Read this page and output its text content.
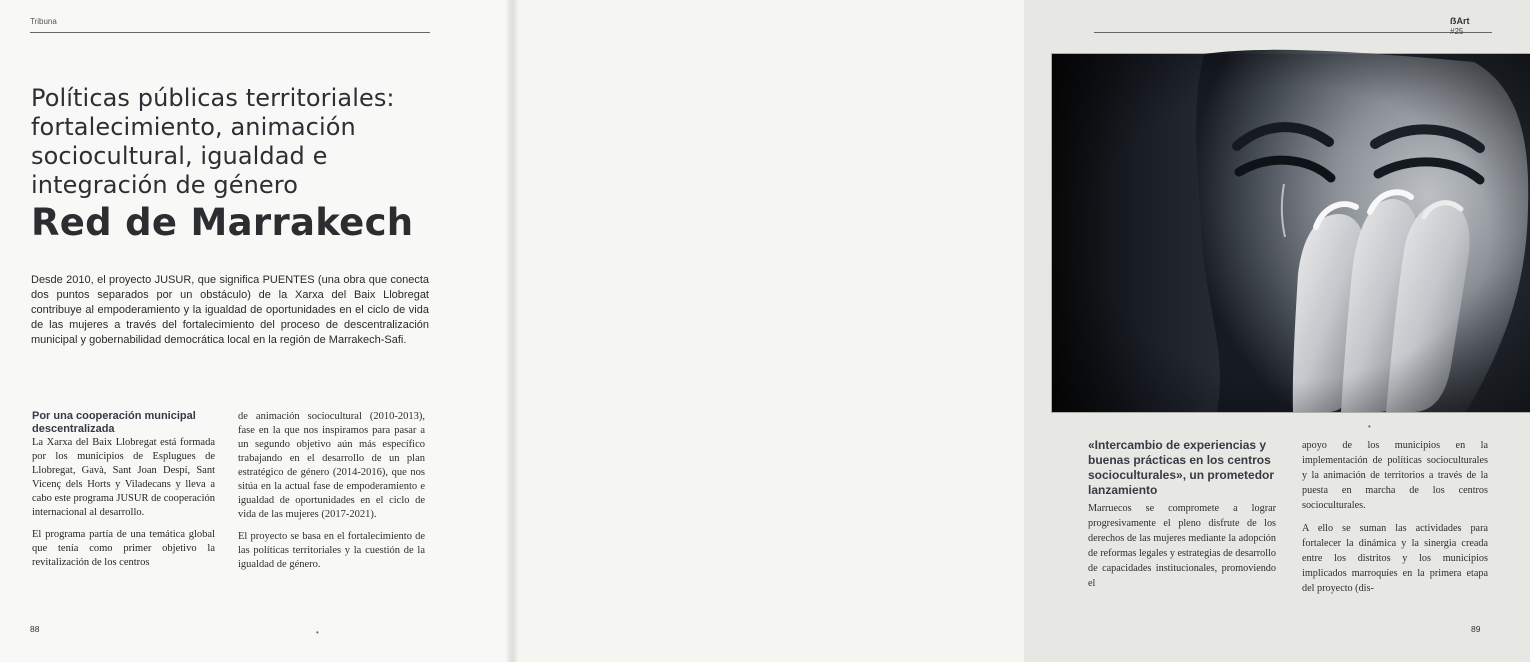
Tribuna
Políticas públicas territoriales: fortalecimiento, animación sociocultural, igualdad e integración de género
Red de Marrakech

Desde 2010, el proyecto JUSUR, que significa PUENTES (una obra que conecta dos puntos separados por un obstáculo) de la Xarxa del Baix Llobregat contribuye al empoderamiento y la igualdad de oportunidades en el ciclo de vida de las mujeres a través del fortalecimiento del proceso de descentralización municipal y gobernabilidad democrática local en la región de Marrakech-Safi.

Por una cooperación municipal descentralizada

La Xarxa del Baix Llobregat está formada por los municipios de Esplugues de Llobregat, Gavà, Sant Joan Despí, Sant Vicenç dels Horts y Viladecans y lleva a cabo este programa JUSUR de cooperación internacional al desarrollo.

El programa partía de una temática global que tenía como primer objetivo la revitalización de los centros

de animación sociocultural (2010-2013), fase en la que nos inspiramos para pasar a un segundo objetivo aún más específico trabajando en el desarrollo de un plan estratégico de género (2014-2016), que nos sitúa en la actual fase de empoderamiento e igualdad de oportunidades en el ciclo de vida de las mujeres (2017-2021).

El proyecto se basa en el fortalecimiento de las políticas territoriales y la cuestión de la igualdad de género.

88	•
ẞArt #25
«Intercambio de experiencias y buenas prácticas en los centros socioculturales», un prometedor lanzamiento

Marruecos se compromete a lograr progresivamente el pleno disfrute de los derechos de las mujeres mediante la adopción de reformas legales y estrategias de desarrollo de capacidades institucionales, promoviendo el

apoyo de los municipios en la implementación de políticas socioculturales y la animación de territorios a través de la puesta en marcha de los centros socioculturales.

A ello se suman las actividades para fortalecer la dinámica y la sinergia creada entre los distritos y los municipios implicados marroquíes en la primera etapa del proyecto (dis-

89
•
